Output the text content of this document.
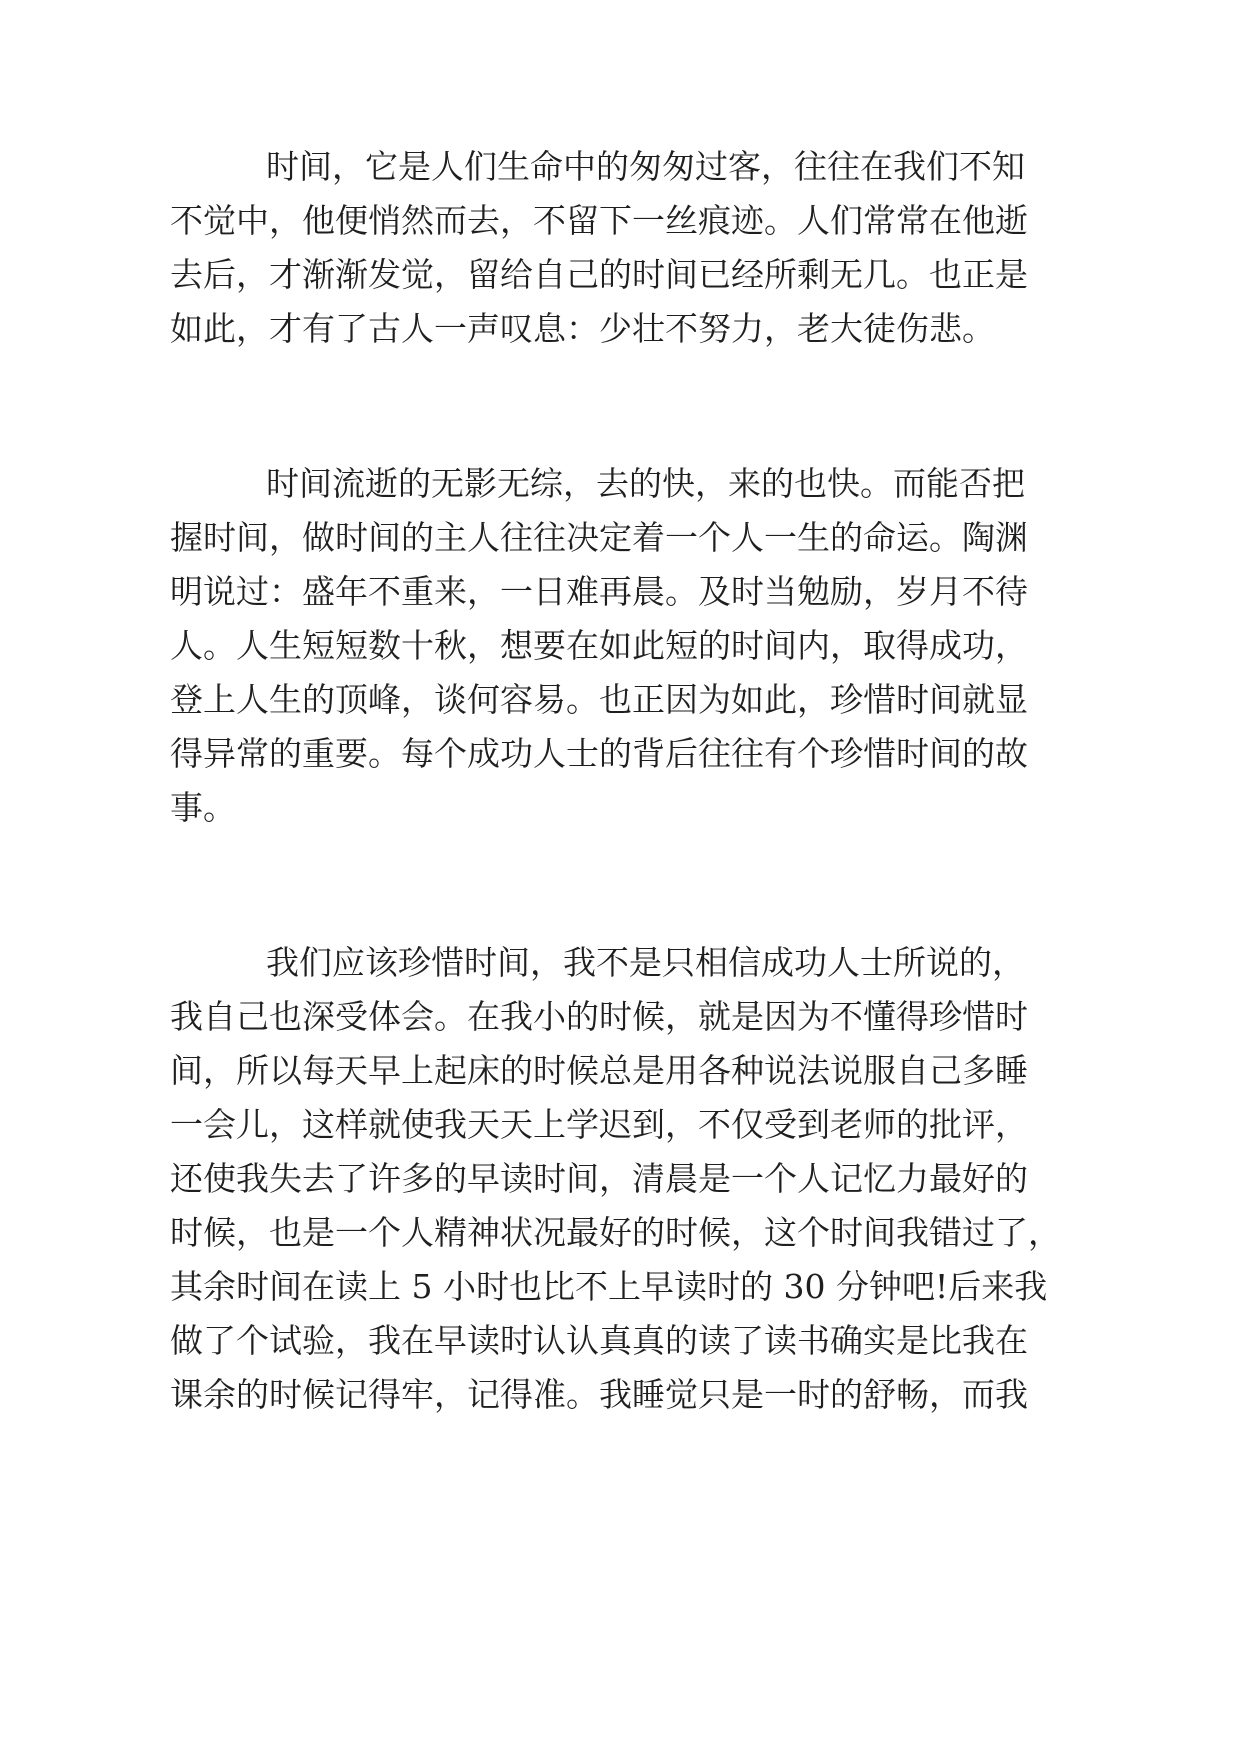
时间，它是人们生命中的匆匆过客，往往在我们不知

不觉中，他便悄然而去，不留下一丝痕迹。人们常常在他逝

去后，才渐渐发觉，留给自己的时间已经所剩无几。也正是

如此，才有了古人一声叹息：少壮不努力，老大徒伤悲。

时间流逝的无影无综，去的快，来的也快。而能否把

握时间，做时间的主人往往决定着一个人一生的命运。陶渊

明说过：盛年不重来，一日难再晨。及时当勉励，岁月不待

人。人生短短数十秋，想要在如此短的时间内，取得成功，

登上人生的顶峰，谈何容易。也正因为如此，珍惜时间就显

得异常的重要。每个成功人士的背后往往有个珍惜时间的故

事。

我们应该珍惜时间，我不是只相信成功人士所说的，

我自己也深受体会。在我小的时候，就是因为不懂得珍惜时

间，所以每天早上起床的时候总是用各种说法说服自己多睡

一会儿，这样就使我天天上学迟到，不仅受到老师的批评，

还使我失去了许多的早读时间，清晨是一个人记忆力最好的

时候，也是一个人精神状况最好的时候，这个时间我错过了，

其余时间在读上 5 小时也比不上早读时的 30 分钟吧!后来我

做了个试验，我在早读时认认真真的读了读书确实是比我在

课余的时候记得牢，记得准。我睡觉只是一时的舒畅，而我
